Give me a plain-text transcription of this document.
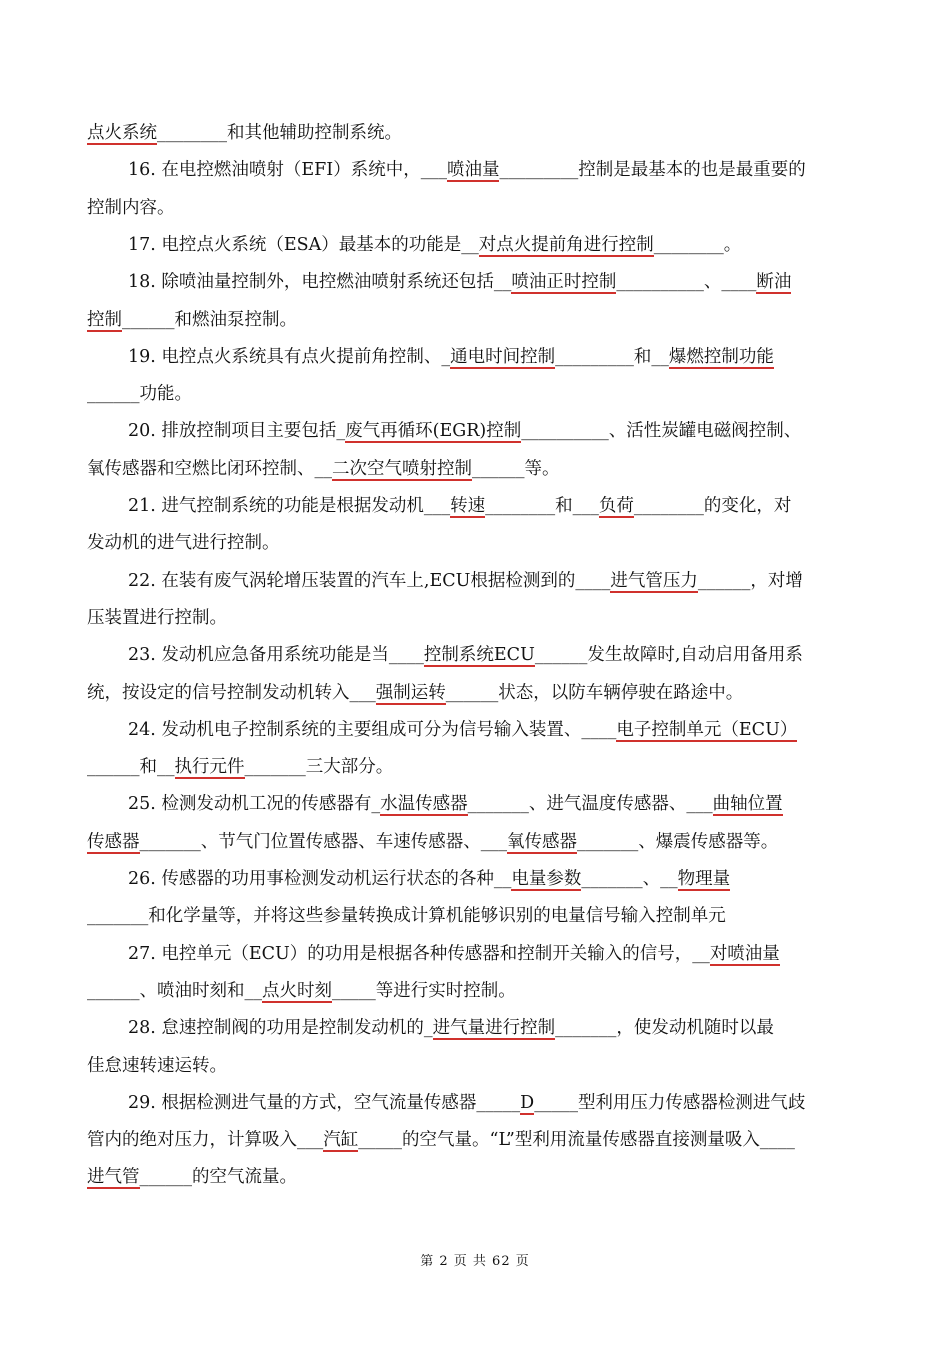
点火系统________和其他辅助控制系统。
16. 在电控燃油喷射（EFI）系统中，___喷油量_________控制是最基本的也是最重要的
控制内容。
17. 电控点火系统（ESA）最基本的功能是__对点火提前角进行控制________。
18. 除喷油量控制外，电控燃油喷射系统还包括__喷油正时控制__________、____断油
控制______和燃油泵控制。
19. 电控点火系统具有点火提前角控制、_通电时间控制_________和__爆燃控制功能
______功能。
20. 排放控制项目主要包括_废气再循环(EGR)控制__________、活性炭罐电磁阀控制、
氧传感器和空燃比闭环控制、__二次空气喷射控制______等。
21. 进气控制系统的功能是根据发动机___转速________和___负荷________的变化，对
发动机的进气进行控制。
22. 在装有废气涡轮增压装置的汽车上,ECU根据检测到的____进气管压力______，对增
压装置进行控制。
23. 发动机应急备用系统功能是当____控制系统ECU______发生故障时,自动启用备用系
统，按设定的信号控制发动机转入___强制运转______状态，以防车辆停驶在路途中。
24. 发动机电子控制系统的主要组成可分为信号输入装置、____电子控制单元（ECU）
______和__执行元件_______三大部分。
25. 检测发动机工况的传感器有_水温传感器_______、进气温度传感器、___曲轴位置
传感器_______、节气门位置传感器、车速传感器、___氧传感器_______、爆震传感器等。
26. 传感器的功用事检测发动机运行状态的各种__电量参数_______、__物理量
_______和化学量等，并将这些参量转换成计算机能够识别的电量信号输入控制单元
27. 电控单元（ECU）的功用是根据各种传感器和控制开关输入的信号，__对喷油量
______、喷油时刻和__点火时刻_____等进行实时控制。
28. 怠速控制阀的功用是控制发动机的_进气量进行控制_______，使发动机随时以最
佳怠速转速运转。
29. 根据检测进气量的方式，空气流量传感器_____D_____型利用压力传感器检测进气歧
管内的绝对压力，计算吸入___汽缸_____的空气量。“L”型利用流量传感器直接测量吸入____
进气管______的空气流量。
第 2 页 共 62 页
